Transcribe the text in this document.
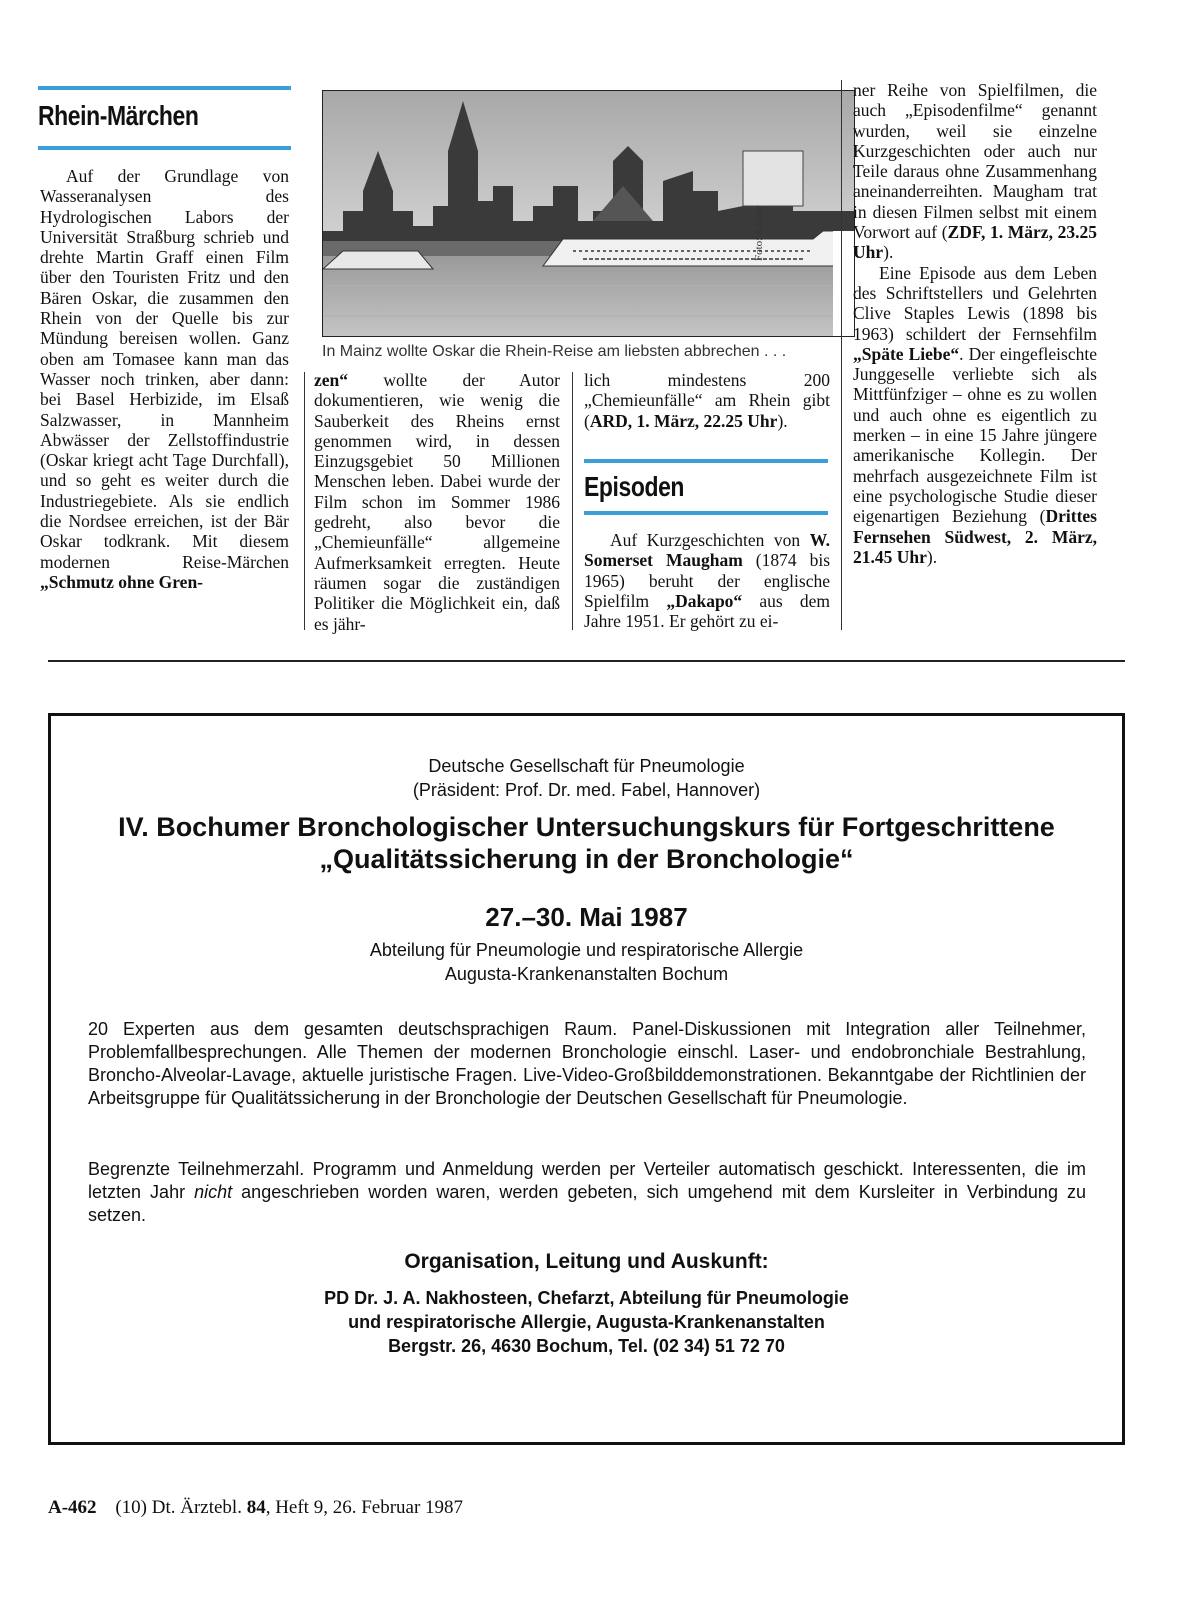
Rhein-Märchen

Auf der Grundlage von Wasseranalysen des Hydrologischen Labors der Universität Straßburg schrieb und drehte Martin Graff einen Film über den Touristen Fritz und den Bären Oskar, die zusammen den Rhein von der Quelle bis zur Mündung bereisen wollen. Ganz oben am Tomasee kann man das Wasser noch trinken, aber dann: bei Basel Herbizide, im Elsaß Salzwasser, in Mannheim Abwässer der Zellstoffindustrie (Oskar kriegt acht Tage Durchfall), und so geht es weiter durch die Industriegebiete. Als sie endlich die Nordsee erreichen, ist der Bär Oskar todkrank. Mit diesem modernen Reise-Märchen „Schmutz ohne Gren-

zen“ wollte der Autor dokumentieren, wie wenig die Sauberkeit des Rheins ernst genommen wird, in dessen Einzugsgebiet 50 Millionen Menschen leben. Dabei wurde der Film schon im Sommer 1986 gedreht, also bevor die „Chemieunfälle“ allgemeine Aufmerksamkeit erregten. Heute räumen sogar die zuständigen Politiker die Möglichkeit ein, daß es jähr-

lich mindestens 200 „Chemieunfälle“ am Rhein gibt (ARD, 1. März, 22.25 Uhr).

Foto: Archiv
In Mainz wollte Oskar die Rhein-Reise am liebsten abbrechen . . .
Episoden

Auf Kurzgeschichten von W. Somerset Maugham (1874 bis 1965) beruht der englische Spielfilm „Dakapo“ aus dem Jahre 1951. Er gehört zu ei-

ner Reihe von Spielfilmen, die auch „Episodenfilme“ genannt wurden, weil sie einzelne Kurzgeschichten oder auch nur Teile daraus ohne Zusammenhang aneinanderreihten. Maugham trat in diesen Filmen selbst mit einem Vorwort auf (ZDF, 1. März, 23.25 Uhr).

Eine Episode aus dem Leben des Schriftstellers und Gelehrten Clive Staples Lewis (1898 bis 1963) schildert der Fernsehfilm „Späte Liebe“. Der eingefleischte Junggeselle verliebte sich als Mittfünfziger – ohne es zu wollen und auch ohne es eigentlich zu merken – in eine 15 Jahre jüngere amerikanische Kollegin. Der mehrfach ausgezeichnete Film ist eine psychologische Studie dieser eigenartigen Beziehung (Drittes Fernsehen Südwest, 2. März, 21.45 Uhr).

Deutsche Gesellschaft für Pneumologie
(Präsident: Prof. Dr. med. Fabel, Hannover)
IV. Bochumer Bronchologischer Untersuchungskurs für Fortgeschrittene
„Qualitätssicherung in der Bronchologie“
27.–30. Mai 1987
Abteilung für Pneumologie und respiratorische Allergie
Augusta-Krankenanstalten Bochum
20 Experten aus dem gesamten deutschsprachigen Raum. Panel-Diskussionen mit Integration aller Teilnehmer, Problemfallbesprechungen. Alle Themen der modernen Bronchologie einschl. Laser- und endobronchiale Bestrahlung, Broncho-Alveolar-Lavage, aktuelle juristische Fragen. Live-Video-Großbilddemonstrationen. Bekanntgabe der Richtlinien der Arbeitsgruppe für Qualitätssicherung in der Bronchologie der Deutschen Gesellschaft für Pneumologie.
Begrenzte Teilnehmerzahl. Programm und Anmeldung werden per Verteiler automatisch geschickt. Interessenten, die im letzten Jahr nicht angeschrieben worden waren, werden gebeten, sich umgehend mit dem Kursleiter in Verbindung zu setzen.
Organisation, Leitung und Auskunft:
PD Dr. J. A. Nakhosteen, Chefarzt, Abteilung für Pneumologie
und respiratorische Allergie, Augusta-Krankenanstalten
Bergstr. 26, 4630 Bochum, Tel. (02 34) 51 72 70
A-462 (10) Dt. Ärztebl. 84, Heft 9, 26. Februar 1987
